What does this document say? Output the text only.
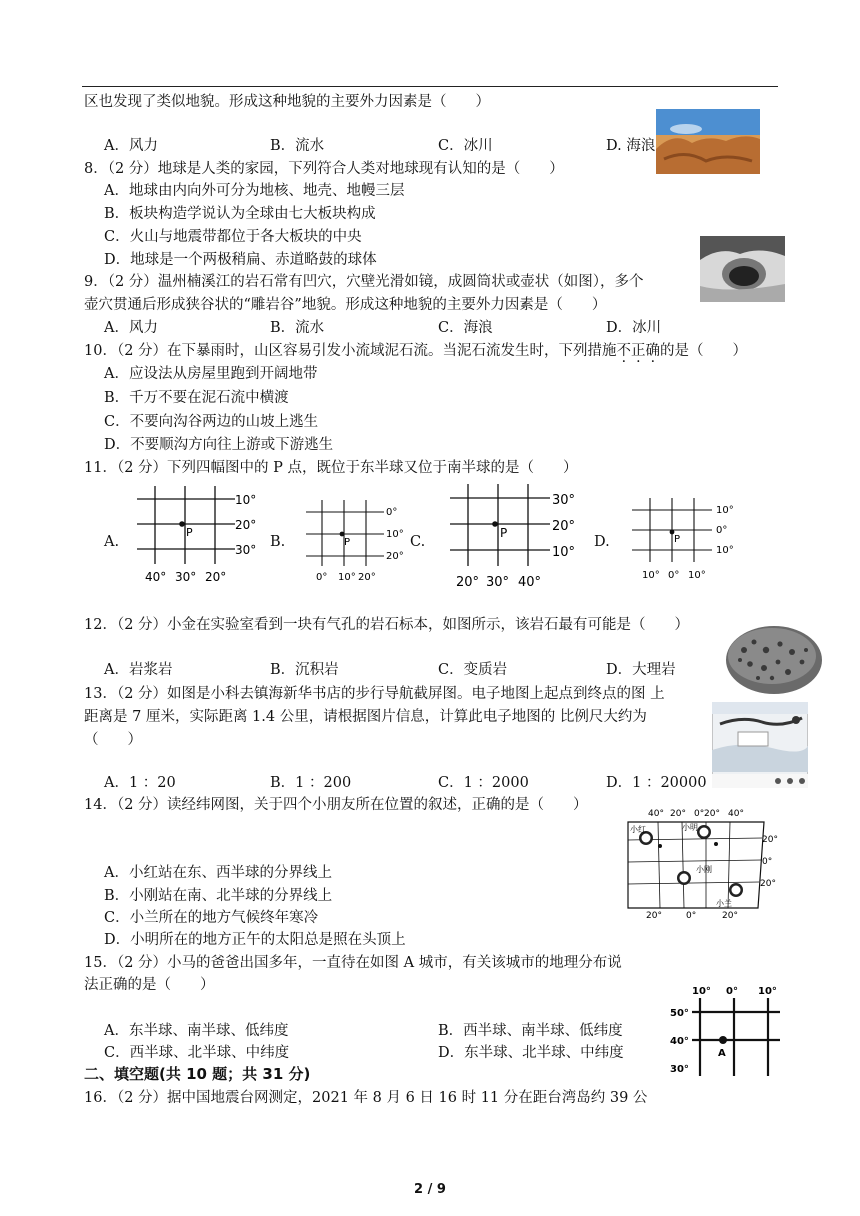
区也发现了类似地貌。形成这种地貌的主要外力因素是（　　）
A．风力	B．流水	C．冰川	D. 海浪
8．（2 分）地球是人类的家园，下列符合人类对地球现有认知的是（　　）
A．地球由内向外可分为地核、地壳、地幔三层
B．板块构造学说认为全球由七大板块构成
C．火山与地震带都位于各大板块的中央
D．地球是一个两极稍扁、赤道略鼓的球体
9．（2 分）温州楠溪江的岩石常有凹穴，穴壁光滑如镜，成圆筒状或壶状（如图），多个
壶穴贯通后形成狭谷状的“雕岩谷”地貌。形成这种地貌的主要外力因素是（　　）
A．风力	B．流水	C．海浪	D．冰川
10．（2 分）在下暴雨时，山区容易引发小流域泥石流。当泥石流发生时，下列措施不正确的是（　　）
A．应设法从房屋里跑到开阔地带
B．千万不要在泥石流中横渡
C．不要向沟谷两边的山坡上逃生
D．不要顺沟方向往上游或下游逃生
11．（2 分）下列四幅图中的 P 点，既位于东半球又位于南半球的是（　　）
A.
P
10°
20°
30°
40° 30° 20°
B.	P
0°
10°
20°
0° 10° 20°
C.
P
30°
20°
10°
20° 30° 40°
D.	P
10°
0°
10°
10° 0° 10°
12．（2 分）小金在实验室看到一块有气孔的岩石标本，如图所示，该岩石最有可能是（　　）
A．岩浆岩	B．沉积岩	C．变质岩	D．大理岩
13．（2 分）如图是小科去镇海新华书店的步行导航截屏图。电子地图上起点到终点的图 上
距离是 7 厘米，实际距离 1.4 公里，请根据图片信息，计算此电子地图的 比例尺大约为
（　　）
A．1 ：20	B．1 ：200	C．1 ：2000	D．1 ：20000
14．（2 分）读经纬网图，关于四个小朋友所在位置的叙述，正确的是（　　）
40° 20° 0° 20° 40°
20°
0°
20°
20°	0°	20°
小红	小明
小刚
小兰
A．小红站在东、西半球的分界线上
B．小刚站在南、北半球的分界线上
C．小兰所在的地方气候终年寒冷
D．小明所在的地方正午的太阳总是照在头顶上
15．（2 分）小马的爸爸出国多年，一直待在如图 A 城市，有关该城市的地理分布说
法正确的是（　　）	10° 0° 10°
50°
40°
30°
A
A．东半球、南半球、低纬度	B．西半球、南半球、低纬度
C．西半球、北半球、中纬度	D．东半球、北半球、中纬度
二、填空题(共 10 题；共 31 分)
16．（2 分）据中国地震台网测定，2021 年 8 月 6 日 16 时 11 分在距台湾岛约 39 公
2 / 9
